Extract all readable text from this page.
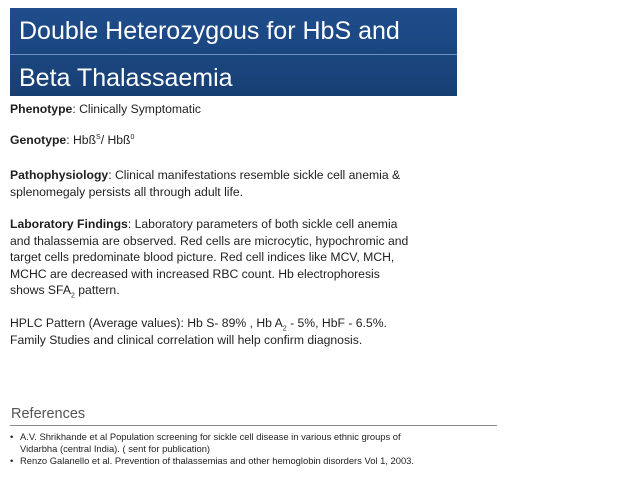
Double Heterozygous for HbS and
Beta Thalassaemia
Phenotype: Clinically Symptomatic
Genotype: Hbß$^S$/ Hbß$^0$
Pathophysiology: Clinical manifestations resemble sickle cell anemia &
splenomegaly persists all through adult life.
Laboratory Findings: Laboratory parameters of both sickle cell anemia
and thalassemia are observed. Red cells are microcytic, hypochromic and
target cells predominate blood picture. Red cell indices like MCV, MCH,
MCHC are decreased with increased RBC count. Hb electrophoresis
shows $SFA_2$ pattern.
HPLC Pattern (Average values): Hb S- 89% , Hb $A_2 - 5\%$, HbF - 6.5%.
Family Studies and clinical correlation will help confirm diagnosis.
References
• A.V. Shrikhande et al Population screening for sickle cell disease in various ethnic groups of
Vidarbha (central India). ( sent for publication)
• Renzo Galanello et al. Prevention of thalassemias and other hemoglobin disorders Vol 1, 2003.
